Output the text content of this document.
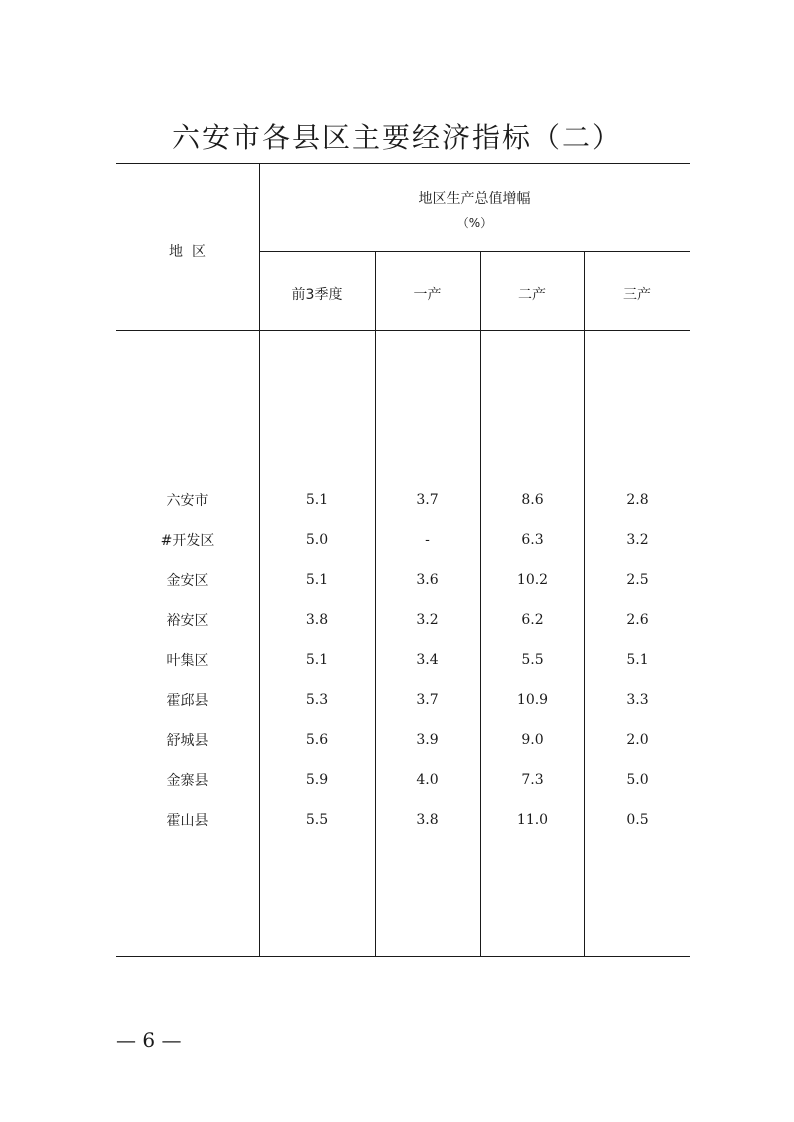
六安市各县区主要经济指标（二）
地  区
地区生产总值增幅
（%）
前3季度	一产	二产	三产
六安市	5.1	3.7	8.6	2.8
#开发区	5.0	-	6.3	3.2
金安区	5.1	3.6	10.2	2.5
裕安区	3.8	3.2	6.2	2.6
叶集区	5.1	3.4	5.5	5.1
霍邱县	5.3	3.7	10.9	3.3
舒城县	5.6	3.9	9.0	2.0
金寨县	5.9	4.0	7.3	5.0
霍山县	5.5	3.8	11.0	0.5
— 6 —
